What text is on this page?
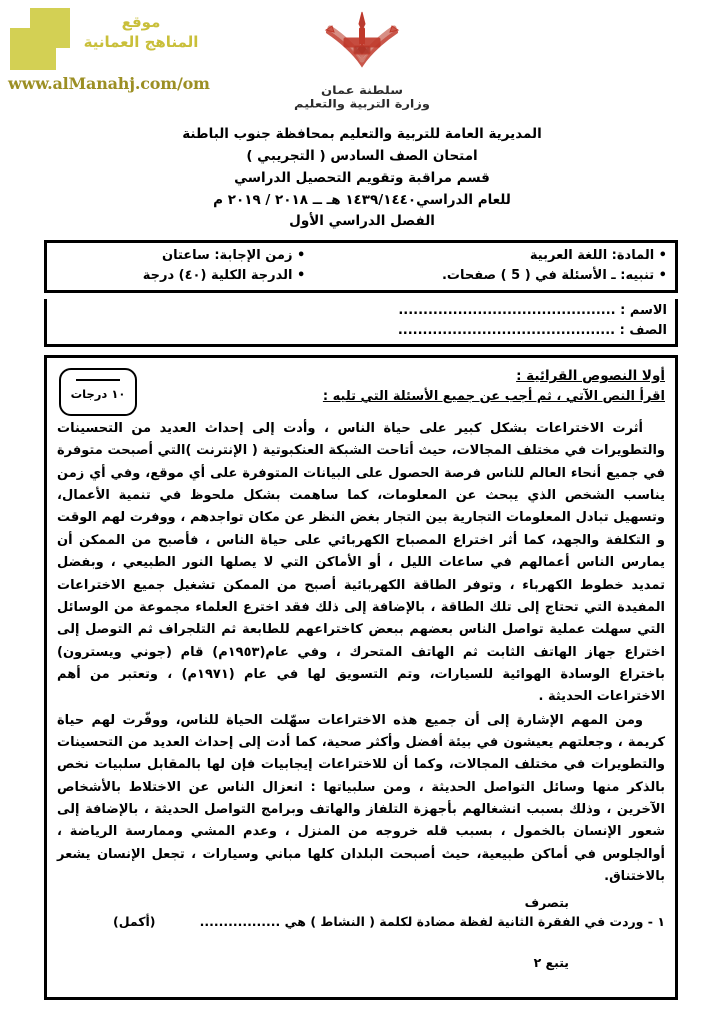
موقع
المناهج العمانية
www.alManahj.com/om	سلطنة عمان
وزارة التربية والتعليم
المديرية العامة للتربية والتعليم بمحافظة جنوب الباطنة
امتحان الصف السادس ( التجريبي )
قسم مراقبة وتقويم التحصيل الدراسي
للعام الدراسي١٤٣٩/١٤٤٠ هـ ــ ٢٠١٨ / ٢٠١٩ م
الفصل الدراسي الأول
• المادة: اللغة العربية
• تنبيه: ـ الأسئلة في ( 5 ) صفحات.
• زمن الإجابة: ساعتان
• الدرجة الكلية (٤٠) درجة
الاسم : ............................................
الصف : ............................................
١٠ درجات
أولا النصوص القرائية :
اقرأ النص الآتي ، ثم أجب عن جميع الأسئلة التي تليه :

أثرت الاختراعات بشكل كبير على حياة الناس ، وأدت إلى إحداث العديد من التحسينات والتطويرات في مختلف المجالات، حيث أتاحت الشبكة العنكبوتية ( الإنترنت )التي أصبحت متوفرة في جميع أنحاء العالم للناس فرصة الحصول على البيانات المتوفرة على أي موقع، وفي أي زمن يناسب الشخص الذي يبحث عن المعلومات، كما ساهمت بشكل ملحوظ في تنمية الأعمال، وتسهيل تبادل المعلومات التجارية بين التجار بغض النظر عن مكان تواجدهم ، ووفرت لهم الوقت و التكلفة والجهد، كما أثر اختراع المصباح الكهربائي على حياة الناس ، فأصبح من الممكن أن يمارس الناس أعمالهم في ساعات الليل ، أو الأماكن التي لا يصلها النور الطبيعي ، وبفضل تمديد خطوط الكهرباء ، وتوفر الطاقة الكهربائية أصبح من الممكن تشغيل جميع الاختراعات المفيدة التي تحتاج إلى تلك الطاقة ، بالإضافة إلى ذلك فقد اخترع العلماء مجموعة من الوسائل التي سهلت عملية تواصل الناس بعضهم ببعض كاختراعهم للطابعة ثم التلجراف ثم التوصل إلى اختراع جهاز الهاتف الثابت ثم الهاتف المتحرك ، وفي عام(١٩٥٣م) قام (جوني ويسترون) باختراع الوسادة الهوائية للسيارات، وتم التسويق لها في عام (١٩٧١م) ، وتعتبر من أهم الاختراعات الحديثة .

ومن المهم الإشارة إلى أن جميع هذه الاختراعات سهّلت الحياة للناس، ووفّرت لهم حياة كريمة ، وجعلتهم يعيشون في بيئة أفضل وأكثر صحية، كما أدت إلى إحداث العديد من التحسينات والتطويرات في مختلف المجالات، وكما أن للاختراعات إيجابيات فإن لها بالمقابل سلبيات نخص بالذكر منها وسائل التواصل الحديثة ، ومن سلبياتها : انعزال الناس عن الاختلاط بالأشخاص الآخرين ، وذلك بسبب انشغالهم بأجهزة التلفاز والهاتف وبرامج التواصل الحديثة ، بالإضافة إلى شعور الإنسان بالخمول ، بسبب قله خروجه من المنزل ، وعدم المشي وممارسة الرياضة ، أوالجلوس في أماكن طبيعية، حيث أصبحت البلدان كلها مباني وسيارات ، تجعل الإنسان يشعر بالاختناق.

بتصرف
١ - وردت في الفقرة الثانية لفظة مضادة لكلمة ( النشاط ) هي .................
(أكمل)
يتبع ٢
